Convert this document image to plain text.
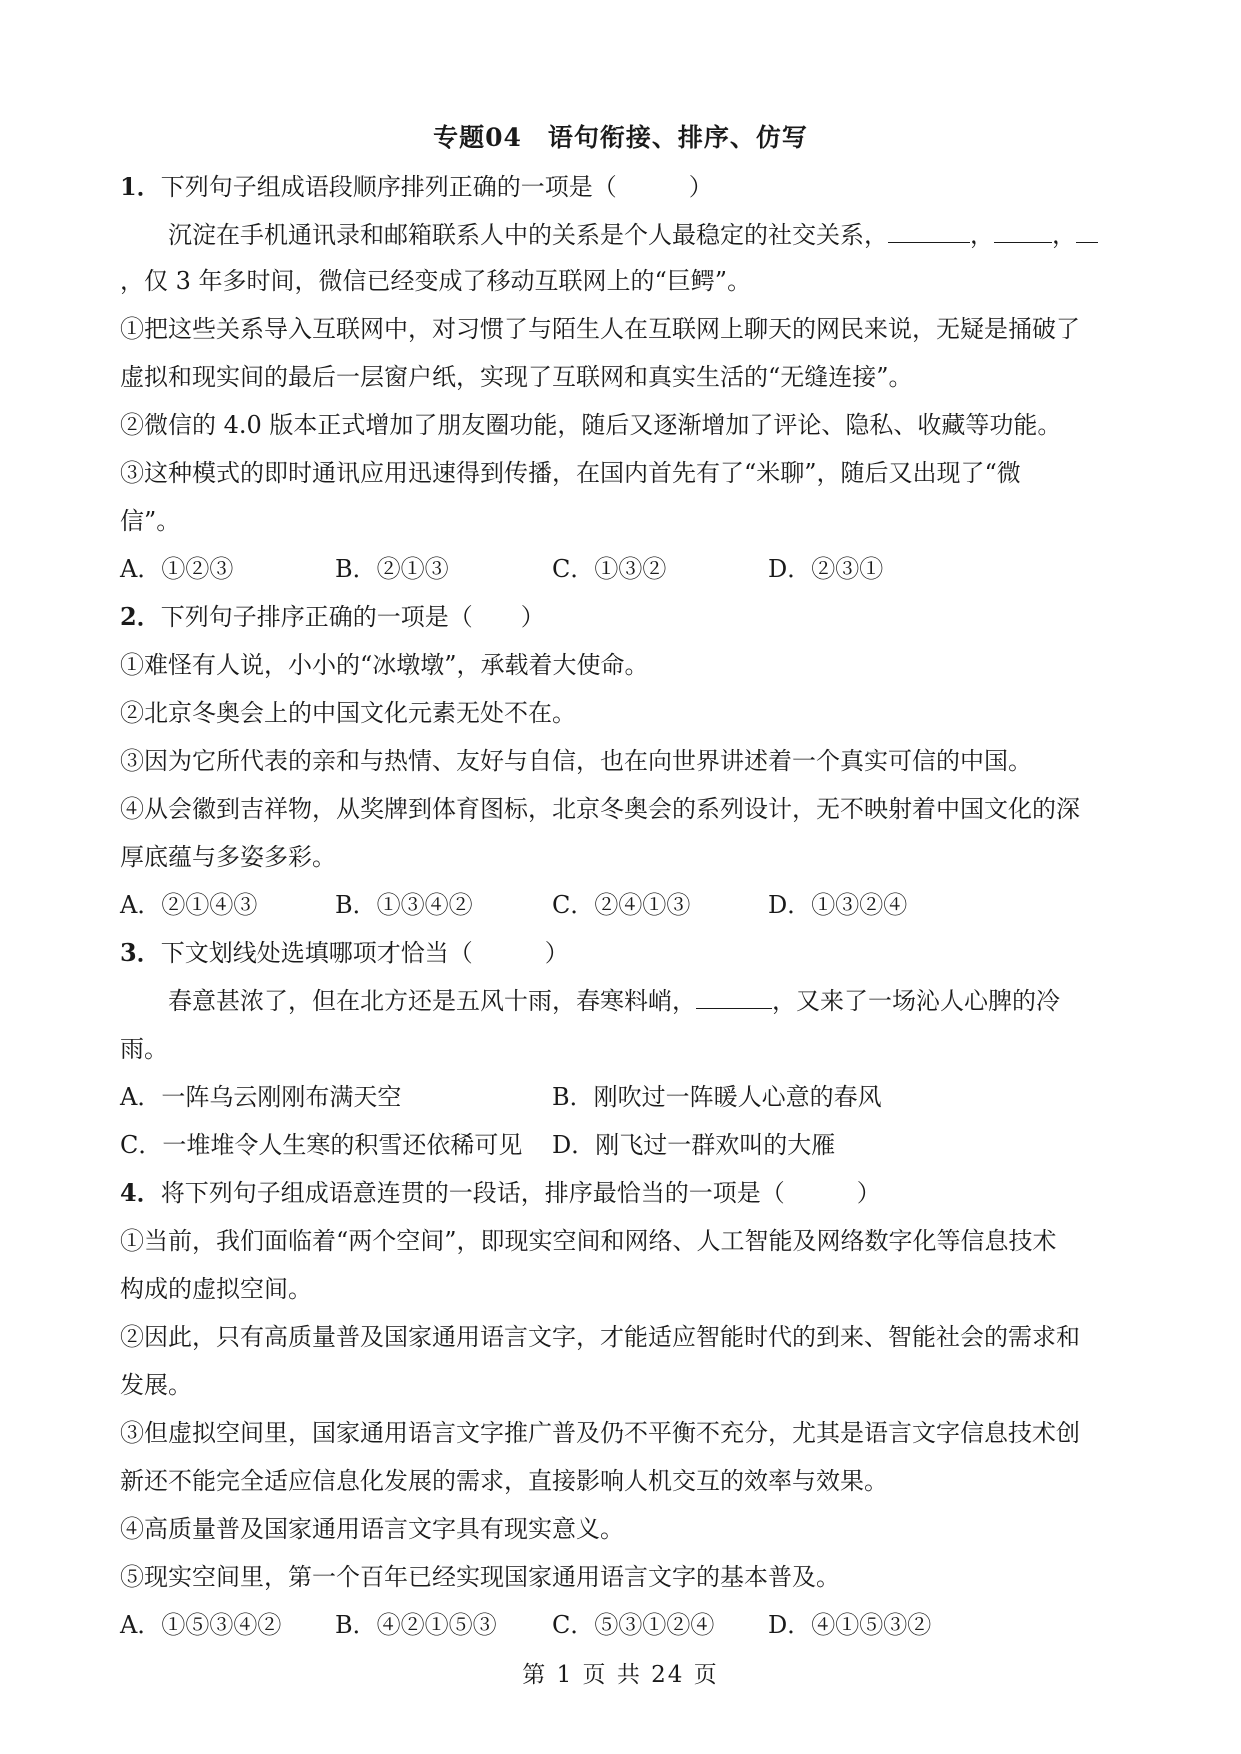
专题04　语句衔接、排序、仿写
1．下列句子组成语段顺序排列正确的一项是（　　　）
沉淀在手机通讯录和邮箱联系人中的关系是个人最稳定的社交关系，	， ，
，仅 3 年多时间，微信已经变成了移动互联网上的“巨鳄”。
①把这些关系导入互联网中，对习惯了与陌生人在互联网上聊天的网民来说，无疑是捅破了
虚拟和现实间的最后一层窗户纸，实现了互联网和真实生活的“无缝连接”。
②微信的 4.0 版本正式增加了朋友圈功能，随后又逐渐增加了评论、隐私、收藏等功能。
③这种模式的即时通讯应用迅速得到传播，在国内首先有了“米聊”，随后又出现了“微
信”。
A．①②③	B．②①③	C．①③②	D．②③①
2．下列句子排序正确的一项是（　　）
①难怪有人说，小小的“冰墩墩”，承载着大使命。
②北京冬奥会上的中国文化元素无处不在。
③因为它所代表的亲和与热情、友好与自信，也在向世界讲述着一个真实可信的中国。
④从会徽到吉祥物，从奖牌到体育图标，北京冬奥会的系列设计，无不映射着中国文化的深
厚底蕴与多姿多彩。
A．②①④③	B．①③④②	C．②④①③	D．①③②④
3．下文划线处选填哪项才恰当（　　　）
春意甚浓了，但在北方还是五风十雨，春寒料峭，	，又来了一场沁人心脾的冷
雨。
A．一阵乌云刚刚布满天空	B．刚吹过一阵暖人心意的春风
C．一堆堆令人生寒的积雪还依稀可见 D．刚飞过一群欢叫的大雁
4．将下列句子组成语意连贯的一段话，排序最恰当的一项是（　　　）
①当前，我们面临着“两个空间”，即现实空间和网络、人工智能及网络数字化等信息技术
构成的虚拟空间。
②因此，只有高质量普及国家通用语言文字，才能适应智能时代的到来、智能社会的需求和
发展。
③但虚拟空间里，国家通用语言文字推广普及仍不平衡不充分，尤其是语言文字信息技术创
新还不能完全适应信息化发展的需求，直接影响人机交互的效率与效果。
④高质量普及国家通用语言文字具有现实意义。
⑤现实空间里，第一个百年已经实现国家通用语言文字的基本普及。
A．①⑤③④② B．④②①⑤③ C．⑤③①②④ D．④①⑤③②
第 1 页 共 24 页
